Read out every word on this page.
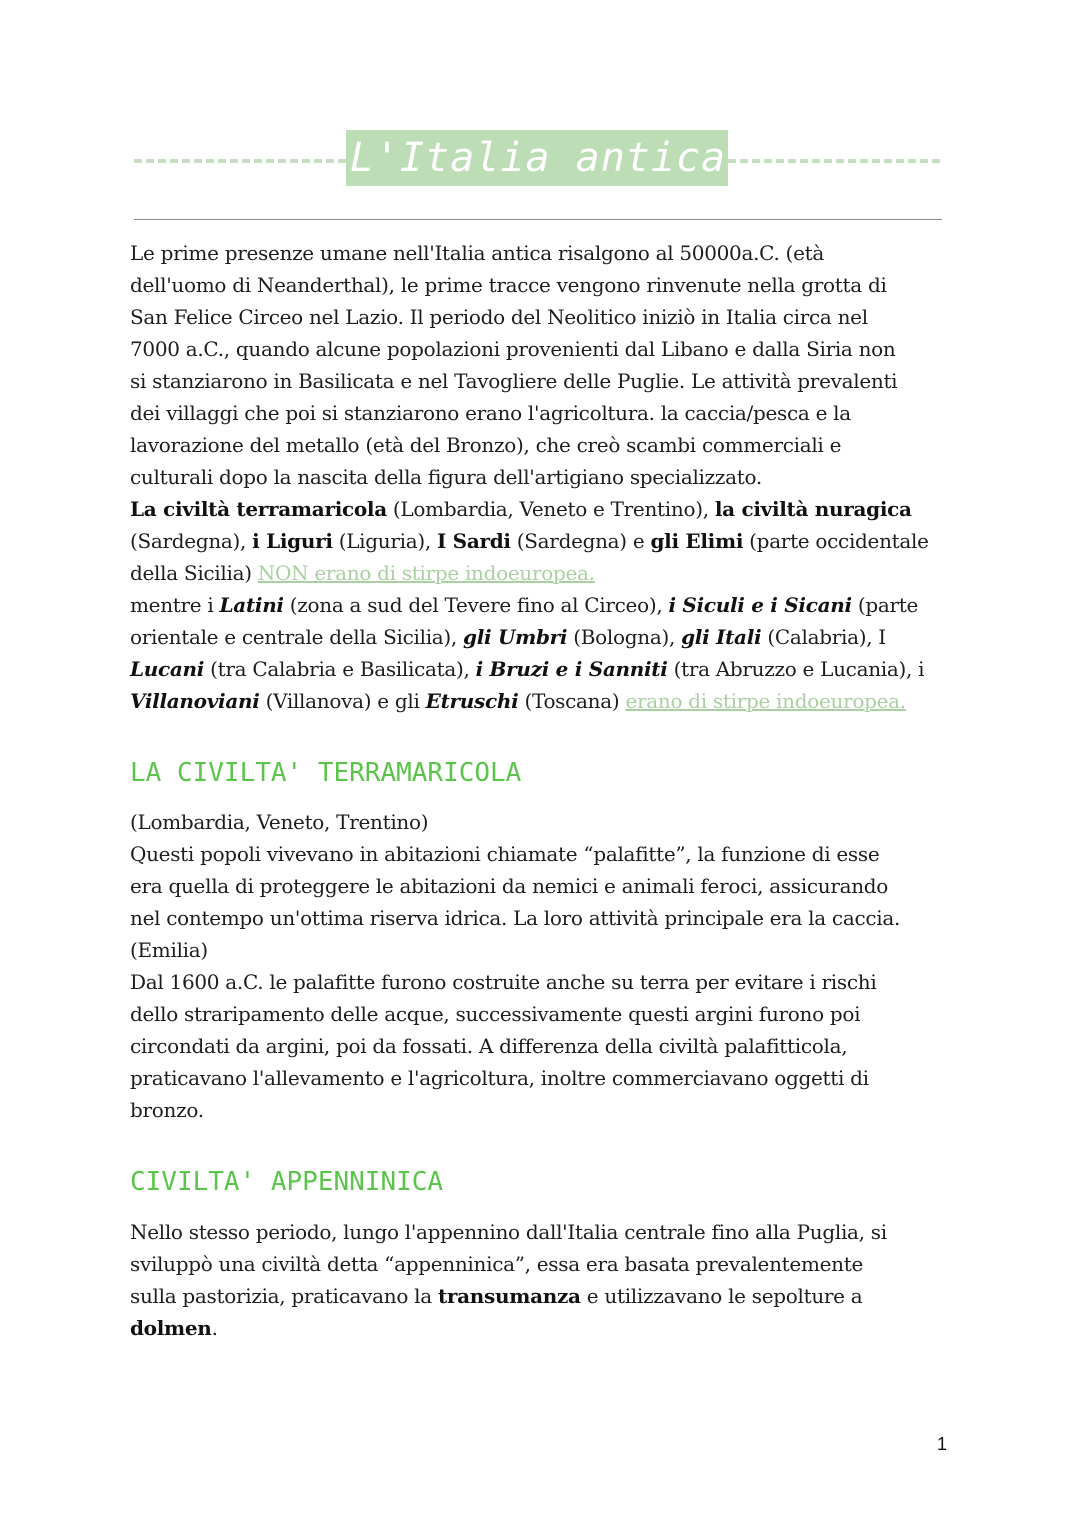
L'Italia antica

Le prime presenze umane nell'Italia antica risalgono al 50000a.C. (età

dell'uomo di Neanderthal), le prime tracce vengono rinvenute nella grotta di

San Felice Circeo nel Lazio. Il periodo del Neolitico iniziò in Italia circa nel

7000 a.C., quando alcune popolazioni provenienti dal Libano e dalla Siria non

si stanziarono in Basilicata e nel Tavogliere delle Puglie. Le attività prevalenti

dei villaggi che poi si stanziarono erano l'agricoltura. la caccia/pesca e la

lavorazione del metallo (età del Bronzo), che creò scambi commerciali e

culturali dopo la nascita della figura dell'artigiano specializzato.

La civiltà terramaricola (Lombardia, Veneto e Trentino), la civiltà nuragica

(Sardegna), i Liguri (Liguria), I Sardi (Sardegna) e gli Elimi (parte occidentale

della Sicilia) NON erano di stirpe indoeuropea.

mentre i Latini (zona a sud del Tevere fino al Circeo), i Siculi e i Sicani (parte

orientale e centrale della Sicilia), gli Umbri (Bologna), gli Itali (Calabria), I

Lucani (tra Calabria e Basilicata), i Bruzi e i Sanniti (tra Abruzzo e Lucania), i

Villanoviani (Villanova) e gli Etruschi (Toscana) erano di stirpe indoeuropea.

LA CIVILTA' TERRAMARICOLA

(Lombardia, Veneto, Trentino)

Questi popoli vivevano in abitazioni chiamate “palafitte”, la funzione di esse

era quella di proteggere le abitazioni da nemici e animali feroci, assicurando

nel contempo un'ottima riserva idrica. La loro attività principale era la caccia.

(Emilia)

Dal 1600 a.C. le palafitte furono costruite anche su terra per evitare i rischi

dello straripamento delle acque, successivamente questi argini furono poi

circondati da argini, poi da fossati. A differenza della civiltà palafitticola,

praticavano l'allevamento e l'agricoltura, inoltre commerciavano oggetti di

bronzo.

CIVILTA' APPENNINICA

Nello stesso periodo, lungo l'appennino dall'Italia centrale fino alla Puglia, si

sviluppò una civiltà detta “appenninica”, essa era basata prevalentemente

sulla pastorizia, praticavano la transumanza e utilizzavano le sepolture a

dolmen.

1
